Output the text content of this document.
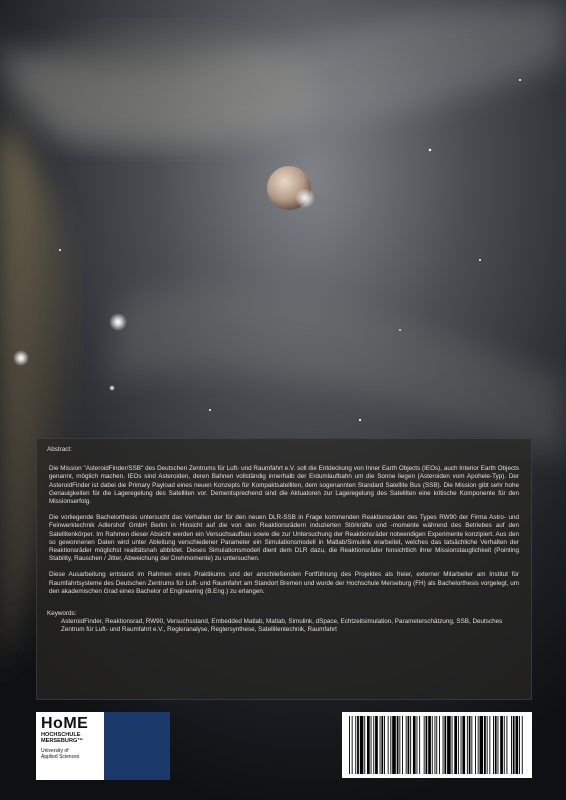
Abstract:

Die Mission "AsteroidFinder/SSB" des Deutschen Zentrums für Luft- und Raumfahrt e.V. soll die Entdeckung von Inner Earth Objects (IEOs), auch Interior Earth Objects genannt, möglich machen. IEOs sind Asteroiden, deren Bahnen vollständig innerhalb der Erdumlaufbahn um die Sonne liegen (Asteroiden vom Apohele-Typ). Der AsteroidFinder ist dabei die Primary Payload eines neuen Konzepts für Kompaktsatelliten, dem sogenannten Standard Satellite Bus (SSB). Die Mission gibt sehr hohe Genauigkeiten für die Lageregelung des Satelliten vor. Dementsprechend sind die Aktuatoren zur Lageregelung des Satelliten eine kritische Komponente für den Missionserfolg.

Die vorliegende Bachelorthesis untersucht das Verhalten der für den neuen DLR-SSB in Frage kommenden Reaktionsräder des Types RW90 der Firma Astro- und Feinwerktechnik Adlershof GmbH Berlin in Hinsicht auf die von den Reaktionsrädern induzierten Störkräfte und -momente während des Betriebes auf den Satellitenkörper. Im Rahmen dieser Absicht werden ein Versuchsaufbau sowie die zur Untersuchung der Reaktionsräder notwendigen Experimente konzipiert. Aus den so gewonnenen Daten wird unter Ableitung verschiedener Parameter ein Simulationsmodell in Matlab/Simulink erarbeitet, welches das tatsächliche Verhalten der Reaktionsräder möglichst realitätsnah abbildet. Dieses Simulationsmodell dient dem DLR dazu, die Reaktionsräder hinsichtlich ihrer Missionstauglichkeit (Pointing Stability, Rauschen / Jitter, Abweichung der Drehmomente) zu untersuchen.

Diese Ausarbeitung entstand im Rahmen eines Praktikums und der anschließenden Fortführung des Projektes als freier, externer Mitarbeiter am Institut für Raumfahrtsysteme des Deutschen Zentrums für Luft- und Raumfahrt am Standort Bremen und wurde der Hochschule Merseburg (FH) als Bachelorthesis vorgelegt, um den akademischen Grad eines Bachelor of Engineering (B.Eng.) zu erlangen.

Keywords:

AsteroidFinder, Reaktionsrad, RW90, Versuchsstand, Embedded Matlab, Matlab, Simulink, dSpace, Echtzeitsimulation, Parameterschätzung, SSB, Deutsches Zentrum für Luft- und Raumfahrt e.V., Regleranalyse, Reglersynthese, Satellitentechnik, Raumfahrt

HoME
HOCHSCHULE
MERSEBURG™
University of
Applied Sciences
